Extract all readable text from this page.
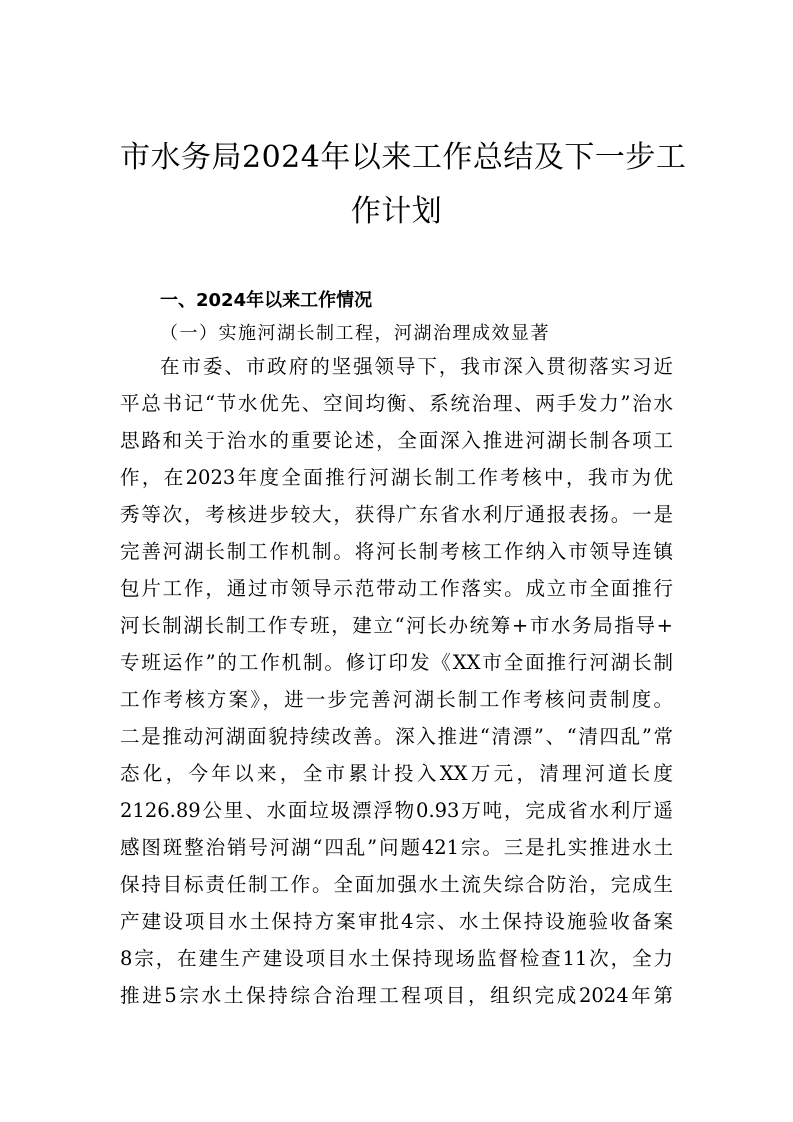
市水务局2024年以来工作总结及下一步工
作计划
一、2024年以来工作情况
（一）实施河湖长制工程，河湖治理成效显著
在市委、市政府的坚强领导下，我市深入贯彻落实习近
平总书记“节水优先、空间均衡、系统治理、两手发力”治水
思路和关于治水的重要论述，全面深入推进河湖长制各项工
作，在2023年度全面推行河湖长制工作考核中，我市为优
秀等次，考核进步较大，获得广东省水利厅通报表扬。一是
完善河湖长制工作机制。将河长制考核工作纳入市领导连镇
包片工作，通过市领导示范带动工作落实。成立市全面推行
河长制湖长制工作专班，建立“河长办统筹+市水务局指导+
专班运作”的工作机制。修订印发《XX市全面推行河湖长制
工作考核方案》，进一步完善河湖长制工作考核问责制度。
二是推动河湖面貌持续改善。深入推进“清漂”、“清四乱”常
态化，今年以来，全市累计投入XX万元，清理河道长度
2126.89公里、水面垃圾漂浮物0.93万吨，完成省水利厅遥
感图斑整治销号河湖“四乱”问题421宗。三是扎实推进水土
保持目标责任制工作。全面加强水土流失综合防治，完成生
产建设项目水土保持方案审批4宗、水土保持设施验收备案
8宗，在建生产建设项目水土保持现场监督检查11次，全力
推进5宗水土保持综合治理工程项目，组织完成2024年第
